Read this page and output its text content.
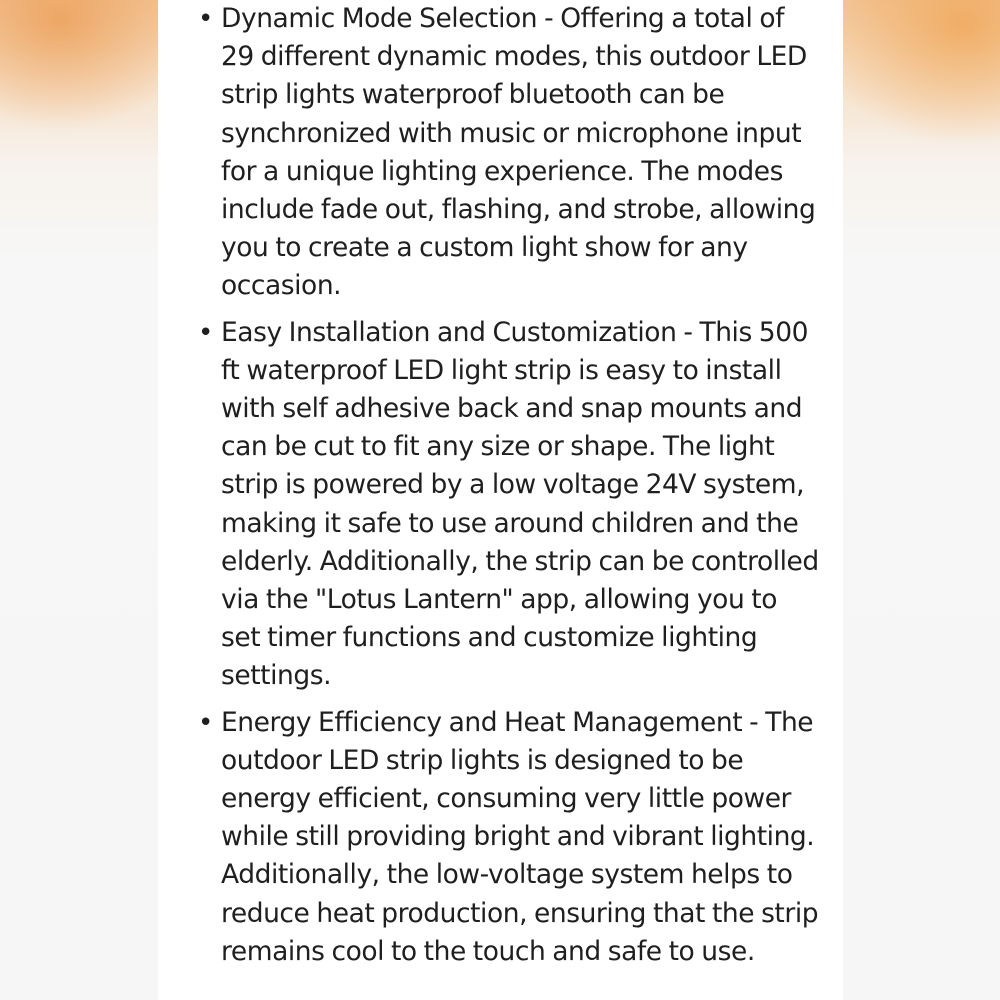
• Dynamic Mode Selection - Offering a total of 29 different dynamic modes, this outdoor LED strip lights waterproof bluetooth can be synchronized with music or microphone input for a unique lighting experience. The modes include fade out, flashing, and strobe, allowing you to create a custom light show for any occasion.
• Easy Installation and Customization - This 500 ft waterproof LED light strip is easy to install with self adhesive back and snap mounts and can be cut to fit any size or shape. The light strip is powered by a low voltage 24V system, making it safe to use around children and the elderly. Additionally, the strip can be controlled via the "Lotus Lantern" app, allowing you to set timer functions and customize lighting settings.
• Energy Efficiency and Heat Management - The outdoor LED strip lights is designed to be energy efficient, consuming very little power while still providing bright and vibrant lighting. Additionally, the low-voltage system helps to reduce heat production, ensuring that the strip remains cool to the touch and safe to use.
